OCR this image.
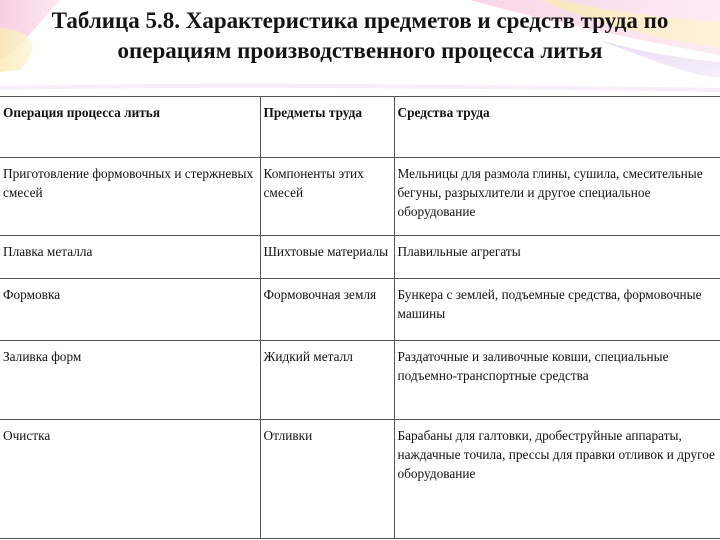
Таблица 5.8. Характеристика предметов и средств труда по
операциям производственного процесса литья
Операция процесса литья	Предметы труда	Средства труда
Приготовление формовочных и стержневых смесей	Компоненты этих смесей	Мельницы для размола глины, сушила, смесительные бегуны, разрыхлители и другое специальное оборудование
Плавка металла	Шихтовые материалы	Плавильные агрегаты
Формовка	Формовочная земля	Бункера с землей, подъемные средства, формовочные машины
Заливка форм	Жидкий металл	Раздаточные и заливочные ковши, специальные подъемно-транспортные средства
Очистка	Отливки	Барабаны для галтовки, дробеструйные аппараты, наждачные точила, прессы для правки отливок и другое оборудование
